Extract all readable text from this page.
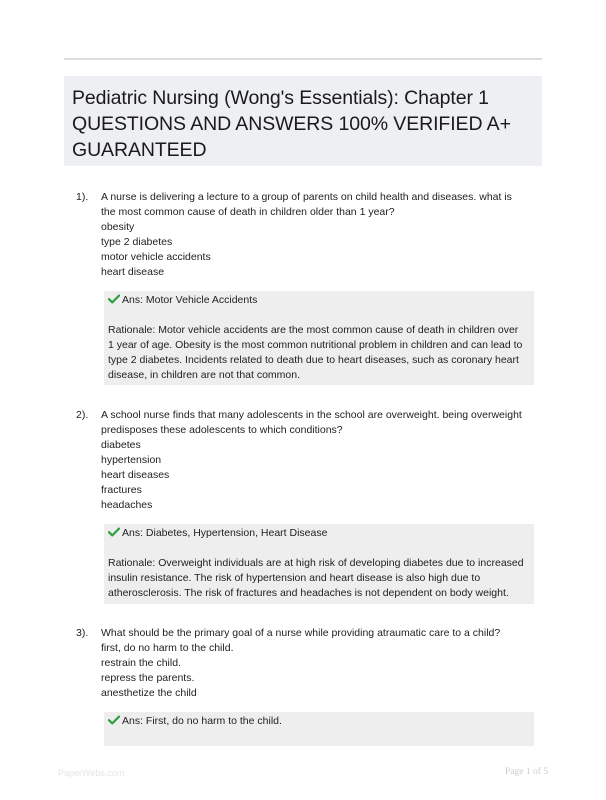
Pediatric Nursing (Wong's Essentials): Chapter 1
QUESTIONS AND ANSWERS 100% VERIFIED A+
GUARANTEED
1). A nurse is delivering a lecture to a group of parents on child health and diseases. what is
the most common cause of death in children older than 1 year?
obesity
type 2 diabetes
motor vehicle accidents
heart disease
Ans: Motor Vehicle Accidents
Rationale: Motor vehicle accidents are the most common cause of death in children over
1 year of age. Obesity is the most common nutritional problem in children and can lead to
type 2 diabetes. Incidents related to death due to heart diseases, such as coronary heart
disease, in children are not that common.
2). A school nurse finds that many adolescents in the school are overweight. being overweight
predisposes these adolescents to which conditions?
diabetes
hypertension
heart diseases
fractures
headaches
Ans: Diabetes, Hypertension, Heart Disease
Rationale: Overweight individuals are at high risk of developing diabetes due to increased
insulin resistance. The risk of hypertension and heart disease is also high due to
atherosclerosis. The risk of fractures and headaches is not dependent on body weight.
3). What should be the primary goal of a nurse while providing atraumatic care to a child?
first, do no harm to the child.
restrain the child.
repress the parents.
anesthetize the child
Ans: First, do no harm to the child.
PaperWebs.com	Page 1 of 5
